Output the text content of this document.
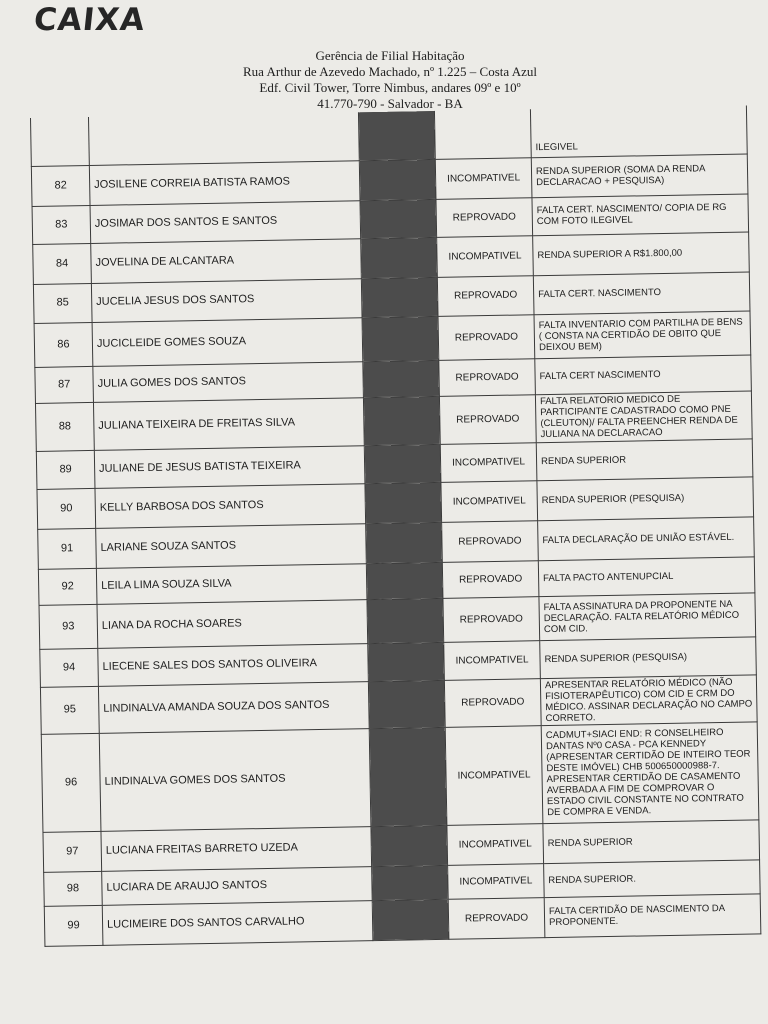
CAIXA
Gerência de Filial Habitação
Rua Arthur de Azevedo Machado, nº 1.225 – Costa Azul
Edf. Civil Tower, Torre Nimbus, andares 09º e 10º
41.770-790 - Salvador - BA
				ILEGIVEL
82	JOSILENE CORREIA BATISTA RAMOS		INCOMPATIVEL	RENDA SUPERIOR (SOMA DA RENDA DECLARACAO + PESQUISA)
83	JOSIMAR DOS SANTOS E SANTOS		REPROVADO	FALTA CERT. NASCIMENTO/ COPIA DE RG COM FOTO ILEGIVEL
84	JOVELINA DE ALCANTARA		INCOMPATIVEL	RENDA SUPERIOR A R$1.800,00
85	JUCELIA JESUS DOS SANTOS		REPROVADO	FALTA CERT. NASCIMENTO
86	JUCICLEIDE GOMES SOUZA		REPROVADO	FALTA INVENTARIO COM PARTILHA DE BENS ( CONSTA NA CERTIDÃO DE OBITO QUE DEIXOU BEM)
87	JULIA GOMES DOS SANTOS		REPROVADO	FALTA CERT NASCIMENTO
88	JULIANA TEIXEIRA DE FREITAS SILVA		REPROVADO	FALTA RELATORIO MEDICO DE PARTICIPANTE CADASTRADO COMO PNE (CLEUTON)/ FALTA PREENCHER RENDA DE JULIANA NA DECLARACAO
89	JULIANE DE JESUS BATISTA TEIXEIRA		INCOMPATIVEL	RENDA SUPERIOR
90	KELLY BARBOSA DOS SANTOS		INCOMPATIVEL	RENDA SUPERIOR (PESQUISA)
91	LARIANE SOUZA SANTOS		REPROVADO	FALTA DECLARAÇÃO DE UNIÃO ESTÁVEL.
92	LEILA LIMA SOUZA SILVA		REPROVADO	FALTA PACTO ANTENUPCIAL
93	LIANA DA ROCHA SOARES		REPROVADO	FALTA ASSINATURA DA PROPONENTE NA DECLARAÇÃO. FALTA RELATÓRIO MÉDICO COM CID.
94	LIECENE SALES DOS SANTOS OLIVEIRA		INCOMPATIVEL	RENDA SUPERIOR (PESQUISA)
95	LINDINALVA AMANDA SOUZA DOS SANTOS		REPROVADO	APRESENTAR RELATÓRIO MÉDICO (NÃO FISIOTERAPÊUTICO) COM CID E CRM DO MÉDICO. ASSINAR DECLARAÇÃO NO CAMPO CORRETO.
96	LINDINALVA GOMES DOS SANTOS		INCOMPATIVEL	CADMUT+SIACI END: R CONSELHEIRO DANTAS Nº0 CASA - PCA KENNEDY (APRESENTAR CERTIDÃO DE INTEIRO TEOR DESTE IMÓVEL) CHB 500650000988-7. APRESENTAR CERTIDÃO DE CASAMENTO AVERBADA A FIM DE COMPROVAR O ESTADO CIVIL CONSTANTE NO CONTRATO DE COMPRA E VENDA.
97	LUCIANA FREITAS BARRETO UZEDA		INCOMPATIVEL	RENDA SUPERIOR
98	LUCIARA DE ARAUJO SANTOS		INCOMPATIVEL	RENDA SUPERIOR.
99	LUCIMEIRE DOS SANTOS CARVALHO		REPROVADO	FALTA CERTIDÃO DE NASCIMENTO DA PROPONENTE.
